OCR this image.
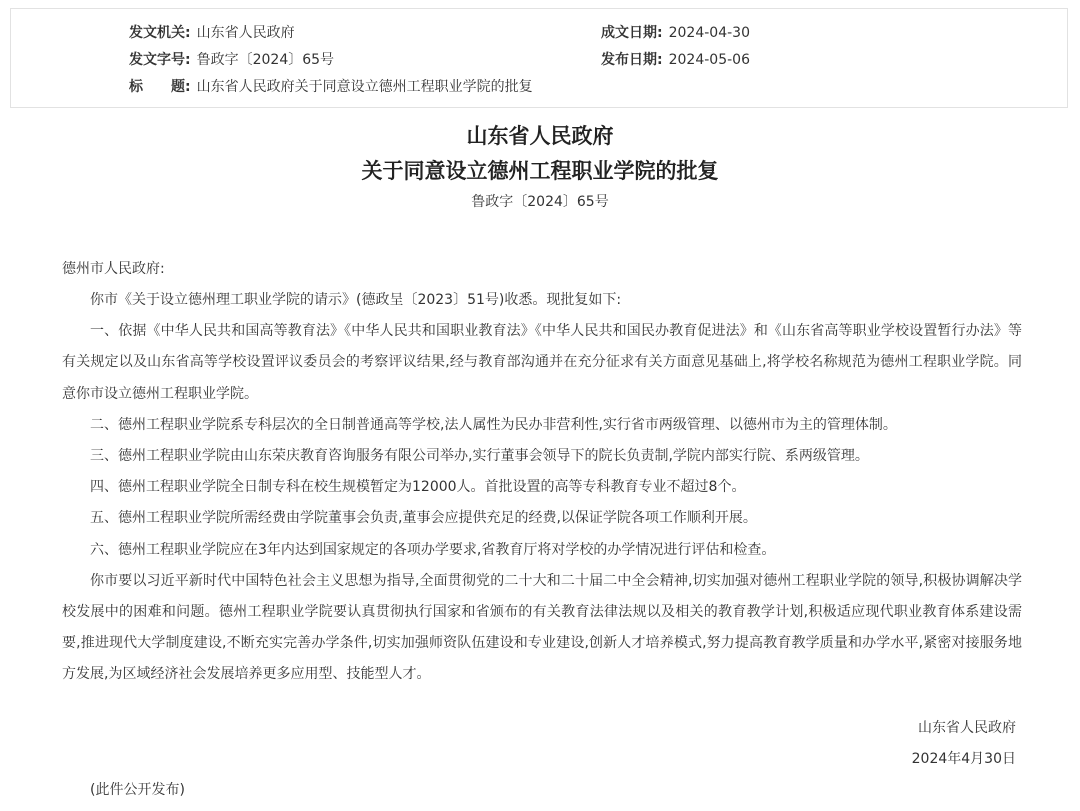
发文机关: 山东省人民政府	成文日期: 2024-04-30
发文字号: 鲁政字〔2024〕65号	发布日期: 2024-05-06
标　　题: 山东省人民政府关于同意设立德州工程职业学院的批复
山东省人民政府
关于同意设立德州工程职业学院的批复
鲁政字〔2024〕65号
德州市人民政府:

你市《关于设立德州理工职业学院的请示》(德政呈〔2023〕51号)收悉。现批复如下:

一、依据《中华人民共和国高等教育法》《中华人民共和国职业教育法》《中华人民共和国民办教育促进法》和《山东省高等职业学校设置暂行办法》等有关规定以及山东省高等学校设置评议委员会的考察评议结果,经与教育部沟通并在充分征求有关方面意见基础上,将学校名称规范为德州工程职业学院。同意你市设立德州工程职业学院。

二、德州工程职业学院系专科层次的全日制普通高等学校,法人属性为民办非营利性,实行省市两级管理、以德州市为主的管理体制。

三、德州工程职业学院由山东荣庆教育咨询服务有限公司举办,实行董事会领导下的院长负责制,学院内部实行院、系两级管理。

四、德州工程职业学院全日制专科在校生规模暂定为12000人。首批设置的高等专科教育专业不超过8个。

五、德州工程职业学院所需经费由学院董事会负责,董事会应提供充足的经费,以保证学院各项工作顺利开展。

六、德州工程职业学院应在3年内达到国家规定的各项办学要求,省教育厅将对学校的办学情况进行评估和检查。

你市要以习近平新时代中国特色社会主义思想为指导,全面贯彻党的二十大和二十届二中全会精神,切实加强对德州工程职业学院的领导,积极协调解决学校发展中的困难和问题。德州工程职业学院要认真贯彻执行国家和省颁布的有关教育法律法规以及相关的教育教学计划,积极适应现代职业教育体系建设需要,推进现代大学制度建设,不断充实完善办学条件,切实加强师资队伍建设和专业建设,创新人才培养模式,努力提高教育教学质量和办学水平,紧密对接服务地方发展,为区域经济社会发展培养更多应用型、技能型人才。

山东省人民政府
2024年4月30日
(此件公开发布)
